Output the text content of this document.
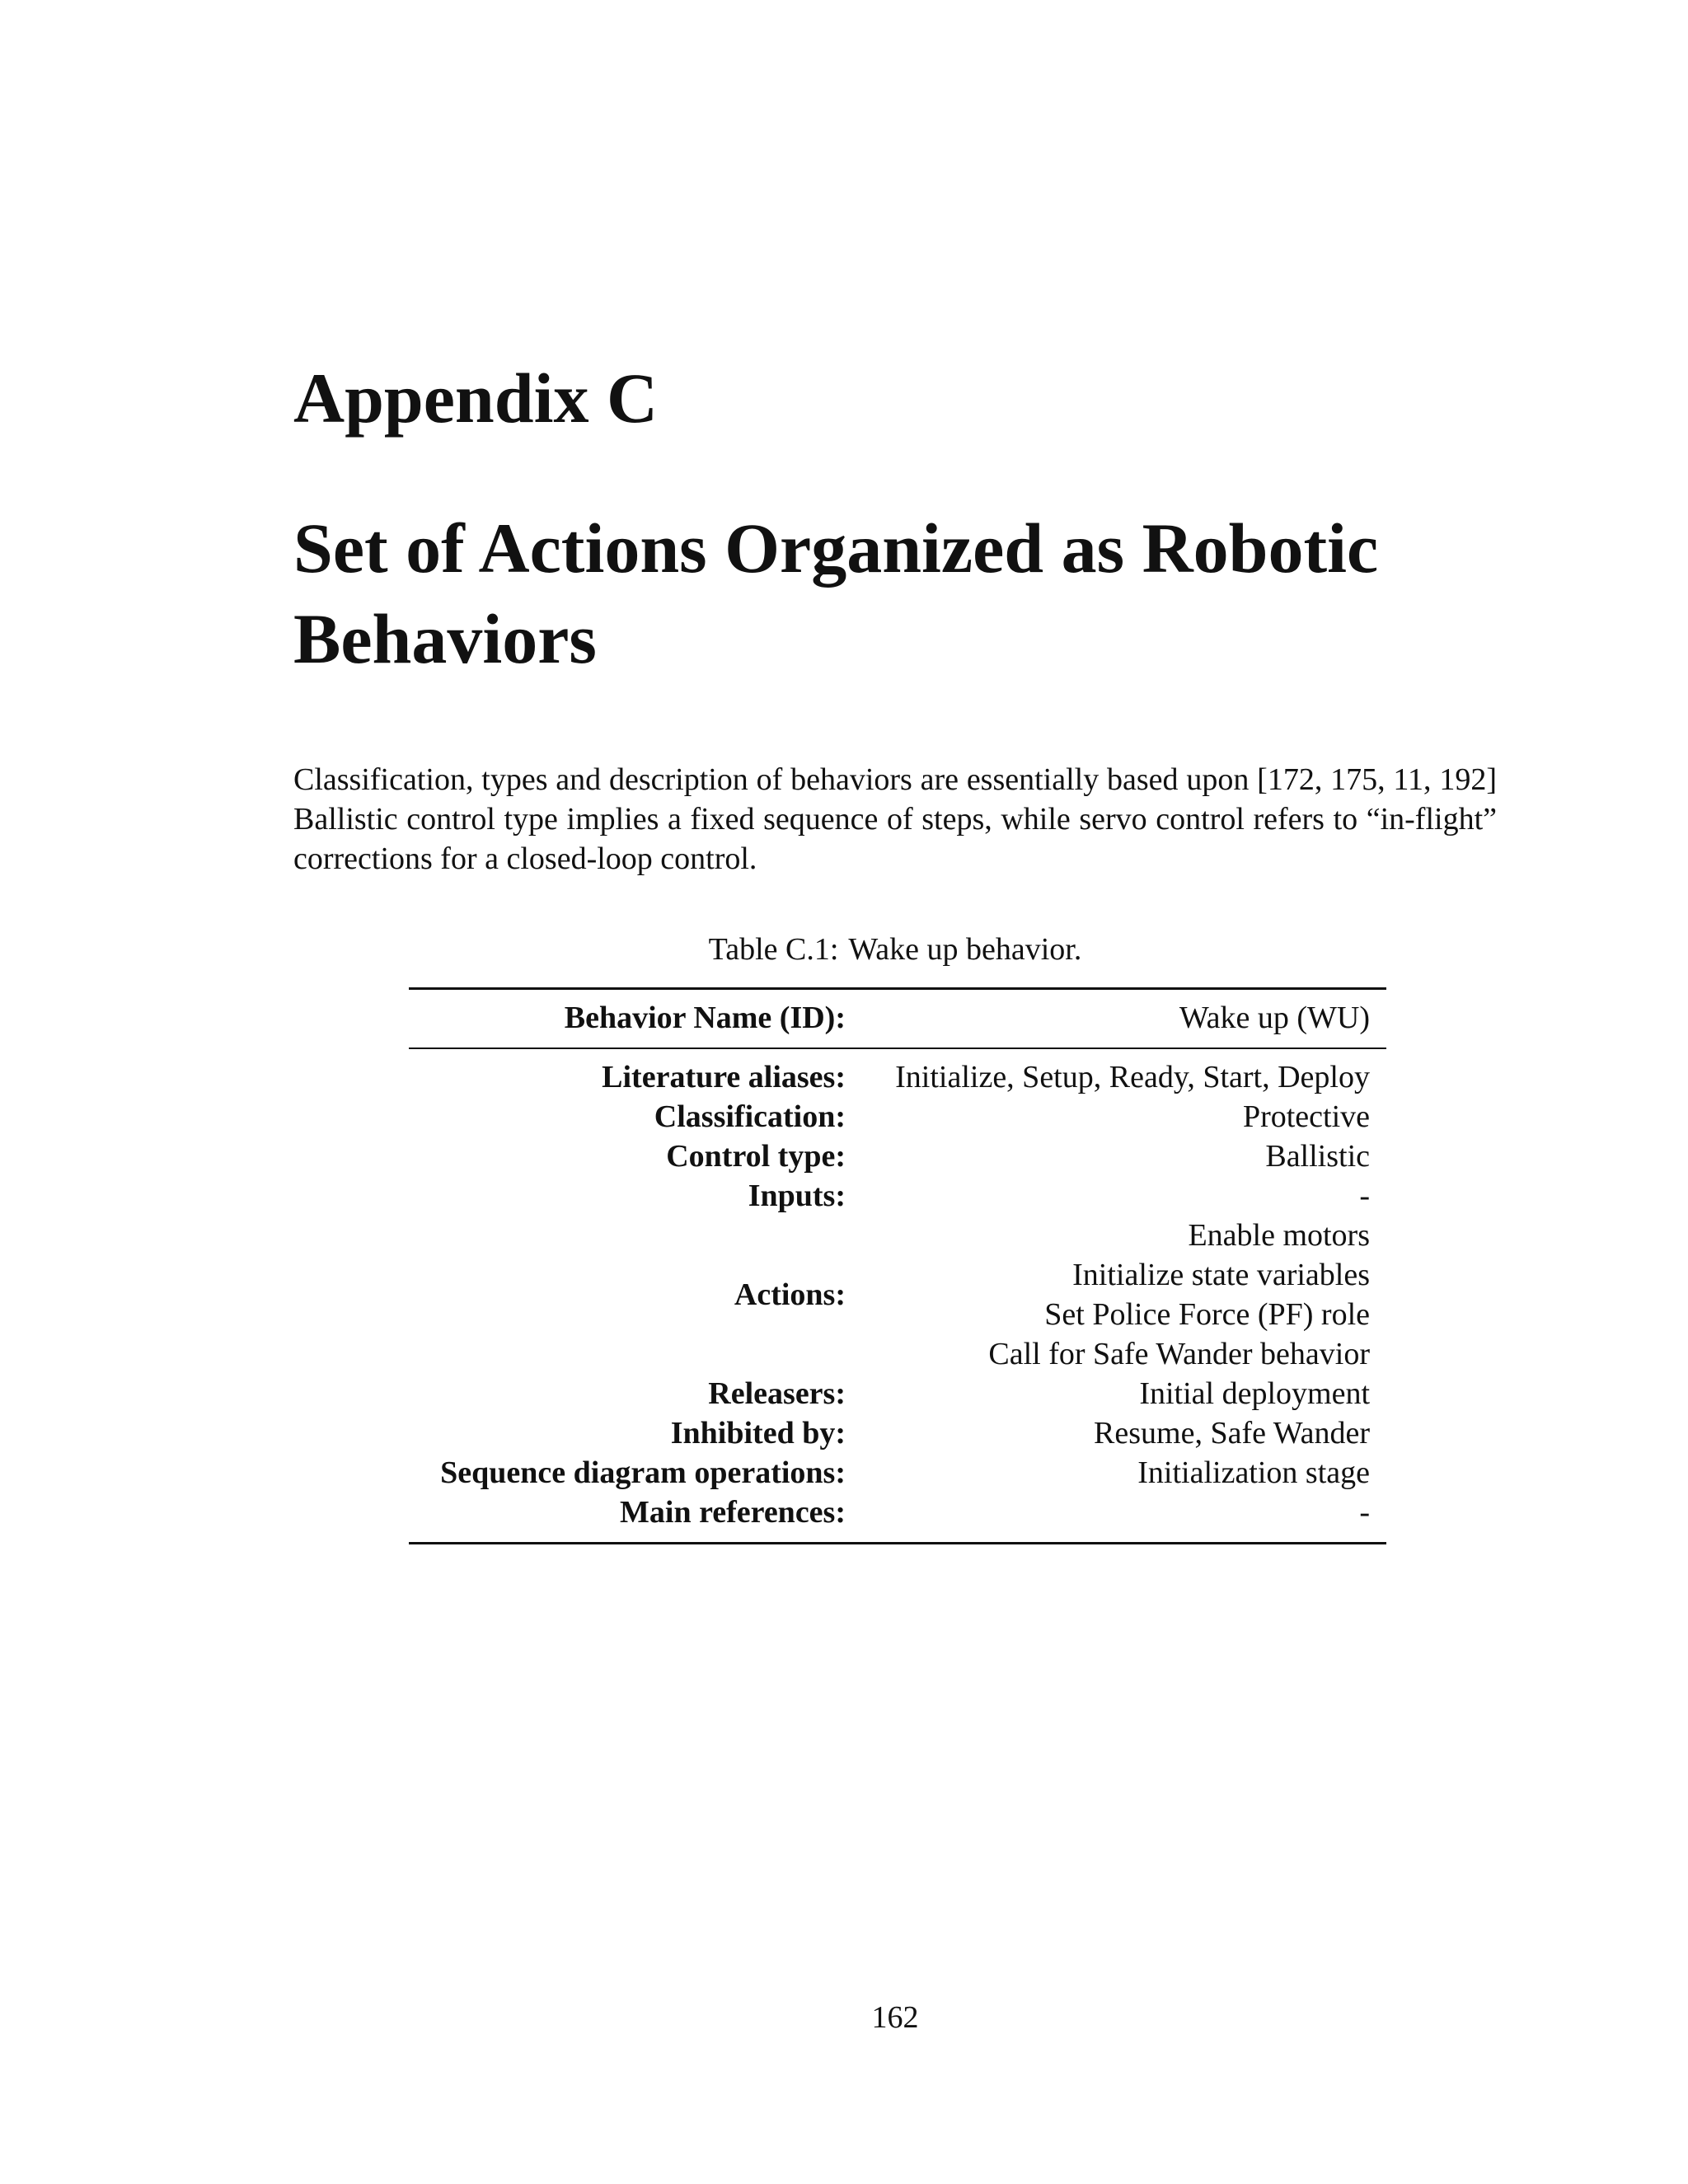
Appendix C
Set of Actions Organized as Robotic Behaviors

Classification, types and description of behaviors are essentially based upon [172, 175, 11, 192] Ballistic control type implies a fixed sequence of steps, while servo control refers to “in-flight” corrections for a closed-loop control.

Table C.1: Wake up behavior.
Behavior Name (ID):	Wake up (WU)
Literature aliases:	Initialize, Setup, Ready, Start, Deploy
Classification:	Protective
Control type:	Ballistic
Inputs:	-
Actions:	Enable motors
Initialize state variables
Set Police Force (PF) role
Call for Safe Wander behavior

Releasers:	Initial deployment
Inhibited by:	Resume, Safe Wander
Sequence diagram operations:	Initialization stage
Main references:	-
162
